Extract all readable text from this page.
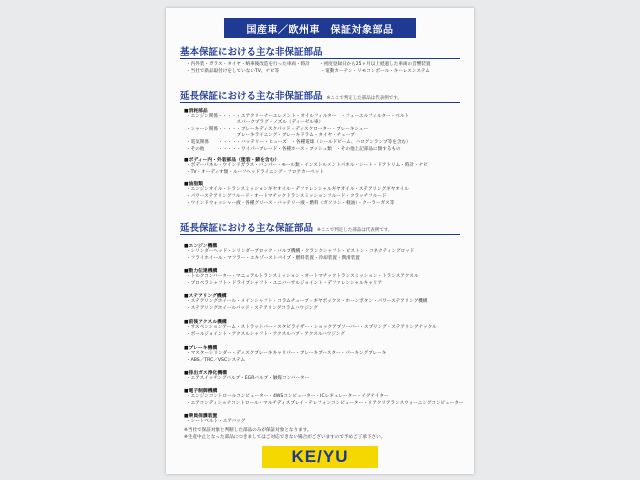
国産車／欧州車　保証対象部品
基本保証における主な非保証部品
・内外装・ガラス・タイヤ・納車後改造を行った車両・時計　　・初度登録日から25ヶ月以上経過した車両の音響装置
・当社で新品取付けをしていないTV、ナビ等　　　　　　　　　・電動カーテン・リモコンボール・キーレスシステム
延長保証における主な非保証部品 ※ここで判定した部品は代表例です。
■消耗部品
・エンジン関係・・・・・エアクリーナーエレメント・オイルフィルター　・フューエルフィルター・ベルト
　　　　　　　　　　　スパークプラグ・ノズル（ディーゼル車）
・シャーシ関係・・・・・ブレーキディスクパッド・ディスクローター・ブレーキシュー
　　　　　　　　　　　ブレーキライニング・ブレーキドラム・タイヤ・チューブ
・電気関係　　・・・・・バッテリー・ヒューズ　・各種電球（シールドビーム、ハロゲンランプ等を含む）
・その他　　　・・・・・ワイパーブレード・各種ホース・ブッシュ類　・その他上記部品に類するもの
■ボディー内・外装部品（塗装・錆を含む）
・ボデーパネル・ウインドガラス・バンパー・モール類・インストルメントパネル・シート・ドアトリム・時計・ナビ
・TV・オーディオ類・ルーフヘッドライニング・フロアカーペット
■油脂類
・エンジンオイル・トランスミッションギヤオイル・デファレンシャルギヤオイル・ステアリングギヤオイル
・パワーステアリングフルード・オートマチックトランスミッションフルード・クラッチフルード
・ウインドウォッシャー液・各種グリース・バッテリー液・燃料（ガソリン・軽油）・クーラーガス等
延長保証における主な保証部品 ※ここで判定した部品は代表例です。
■エンジン機構
・シリンダーヘッド・シリンダーブロック・バルブ機構・クランクシャフト・ピストン・コネクティングロッド
・フライホイール・マフラー・エキゾーストパイプ・燃料装置・冷却装置・潤滑装置
■動力伝達機構
・トルクコンバーター・マニュアルトランスミッション・オートマチックトランスミッション・トランスアクスル
・プロペラシャフト・ドライブシャフト・ユニバーサルジョイント・デファレンシャルキャリア
■ステアリング機構
・ステアリングホイール・メインシャフト・コラムチューブ・ギヤボックス・ホーンボタン・パワーステアリング機構
・ステアリングホイールパッド・ステアリングコラムハウジング
■前後アクスル機構
・サスペンションアーム・ストラットバー・スタビライザー・ショックアブソーバー・スプリング・ステアリングナックル
・ボールジョイント・アクスルシャフト・アクスルハブ・アクスルハウジング
■ブレーキ機構
・マスターシリンダー・ディスクブレーキキャリパー・ブレーキブースター・パーキングブレーキ
・ABS／TRC／VSCシステム
■排出ガス浄化機構
・エアスイッチングバルブ・EGRバルブ・触媒コンバーター
■電子制御機構
・エンジンコントロールコンピューター・4WSコンピューター・ICレギュレーター・イグナイター
・エアコンディショナコントロール・マルチディスプレイ・テレフォンコンピューター・リアクリアランスウォーニングコンピューター
■乗員保護装置
・シートベルト・エアバッグ
※当社で保証対象と判断した部品のみが保証対象となります。
※生産中止となった部品につきましてはご対応できない場合がございますので予めご了承下さい。
KE/YU
